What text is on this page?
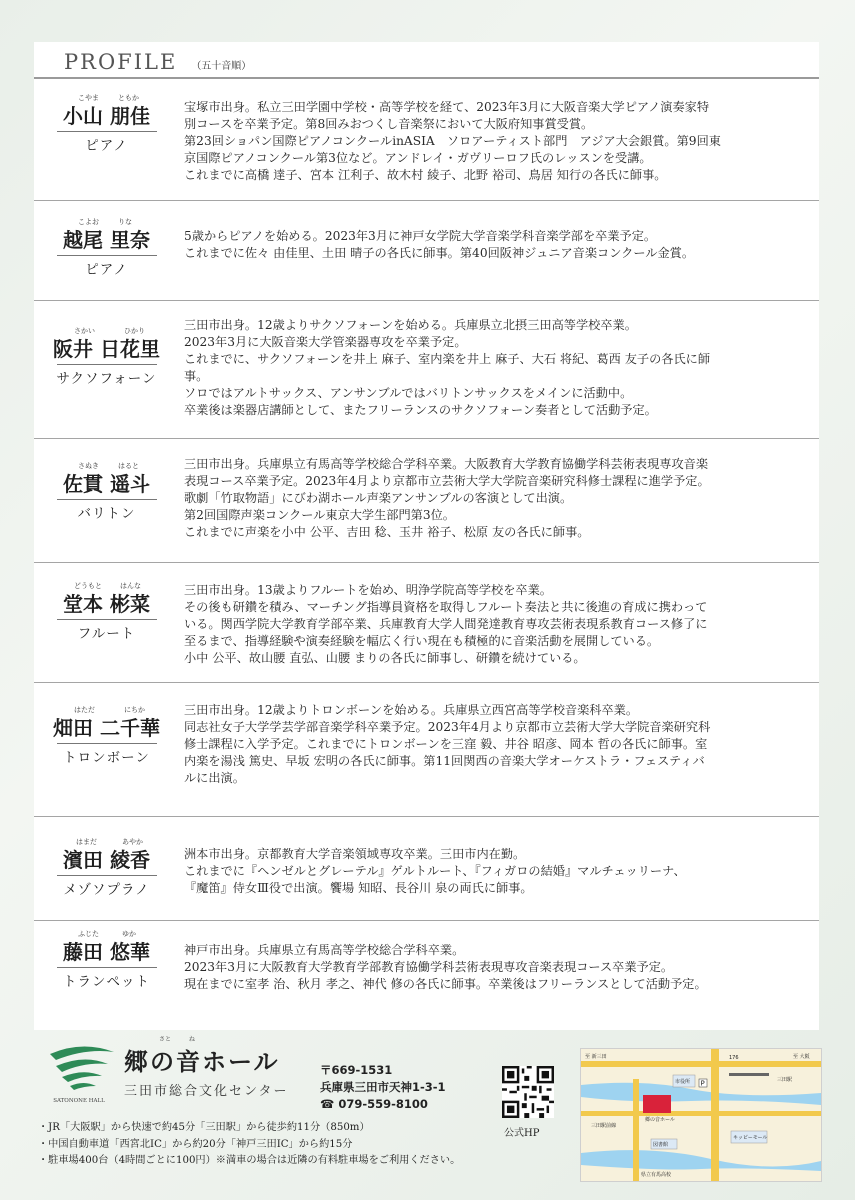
PROFILE （五十音順）
こやま	ともか
小山 朋佳
ピアノ
宝塚市出身。私立三田学園中学校・高等学校を経て、2023年3月に大阪音楽大学ピアノ演奏家特
別コースを卒業予定。第8回みおつくし音楽祭において大阪府知事賞受賞。
第23回ショパン国際ピアノコンクールinASIA　ソロアーティスト部門　アジア大会銀賞。第9回東
京国際ピアノコンクール第3位など。アンドレイ・ガヴリーロフ氏のレッスンを受講。
これまでに高橋 達子、宮本 江利子、故木村 綾子、北野 裕司、鳥居 知行の各氏に師事。
こよお	りな
越尾 里奈
ピアノ
5歳からピアノを始める。2023年3月に神戸女学院大学音楽学科音楽学部を卒業予定。
これまでに佐々 由佳里、土田 晴子の各氏に師事。第40回阪神ジュニア音楽コンクール金賞。
さかい	ひかり
阪井 日花里
サクソフォーン
三田市出身。12歳よりサクソフォーンを始める。兵庫県立北摂三田高等学校卒業。
2023年3月に大阪音楽大学管楽器専攻を卒業予定。
これまでに、サクソフォーンを井上 麻子、室内楽を井上 麻子、大石 将紀、葛西 友子の各氏に師
事。
ソロではアルトサックス、アンサンブルではバリトンサックスをメインに活動中。
卒業後は楽器店講師として、またフリーランスのサクソフォーン奏者として活動予定。
さぬき	はると
佐貫 遥斗
バリトン
三田市出身。兵庫県立有馬高等学校総合学科卒業。大阪教育大学教育協働学科芸術表現専攻音楽
表現コース卒業予定。2023年4月より京都市立芸術大学大学院音楽研究科修士課程に進学予定。
歌劇「竹取物語」にびわ湖ホール声楽アンサンブルの客演として出演。
第2回国際声楽コンクール東京大学生部門第3位。
これまでに声楽を小中 公平、吉田 稔、玉井 裕子、松原 友の各氏に師事。
どうもと	はんな
堂本 彬菜
フルート
三田市出身。13歳よりフルートを始め、明浄学院高等学校を卒業。
その後も研鑽を積み、マーチング指導員資格を取得しフルート奏法と共に後進の育成に携わって
いる。関西学院大学教育学部卒業、兵庫教育大学人間発達教育専攻芸術表現系教育コース修了に
至るまで、指導経験や演奏経験を幅広く行い現在も積極的に音楽活動を展開している。
小中 公平、故山腰 直弘、山腰 まりの各氏に師事し、研鑽を続けている。
はただ	にちか
畑田 二千華
トロンボーン
三田市出身。12歳よりトロンボーンを始める。兵庫県立西宮高等学校音楽科卒業。
同志社女子大学学芸学部音楽学科卒業予定。2023年4月より京都市立芸術大学大学院音楽研究科
修士課程に入学予定。これまでにトロンボーンを三窪 毅、井谷 昭彦、岡本 哲の各氏に師事。室
内楽を湯浅 篤史、早坂 宏明の各氏に師事。第11回関西の音楽大学オーケストラ・フェスティバ
ルに出演。
はまだ	あやか
濱田 綾香
メゾソプラノ
洲本市出身。京都教育大学音楽領域専攻卒業。三田市内在勤。
これまでに『ヘンゼルとグレーテル』ゲルトルート、『フィガロの結婚』マルチェッリーナ、
『魔笛』侍女Ⅲ役で出演。饗場 知昭、長谷川 泉の両氏に師事。
ふじた	ゆか
藤田 悠華
トランペット
神戸市出身。兵庫県立有馬高等学校総合学科卒業。
2023年3月に大阪教育大学教育学部教育協働学科芸術表現専攻音楽表現コース卒業予定。
現在までに室孝 治、秋月 孝之、神代 修の各氏に師事。卒業後はフリーランスとして活動予定。
SATONONE HALL
さと　　　ね
郷の音ホール
三田市総合文化センター
〒669-1531
兵庫県三田市天神1-3-1
☎ 079-559-8100
公式HP
至 新三田	至 大阪
176
三田駅
郷の音ホール
市役所
図書館
キッピーモール
県立有馬高校
三田駅前線
P
・JR「大阪駅」から快速で約45分「三田駅」から徒歩約11分（850m）
・中国自動車道「西宮北IC」から約20分「神戸三田IC」から約15分
・駐車場400台（4時間ごとに100円）※満車の場合は近隣の有料駐車場をご利用ください。
